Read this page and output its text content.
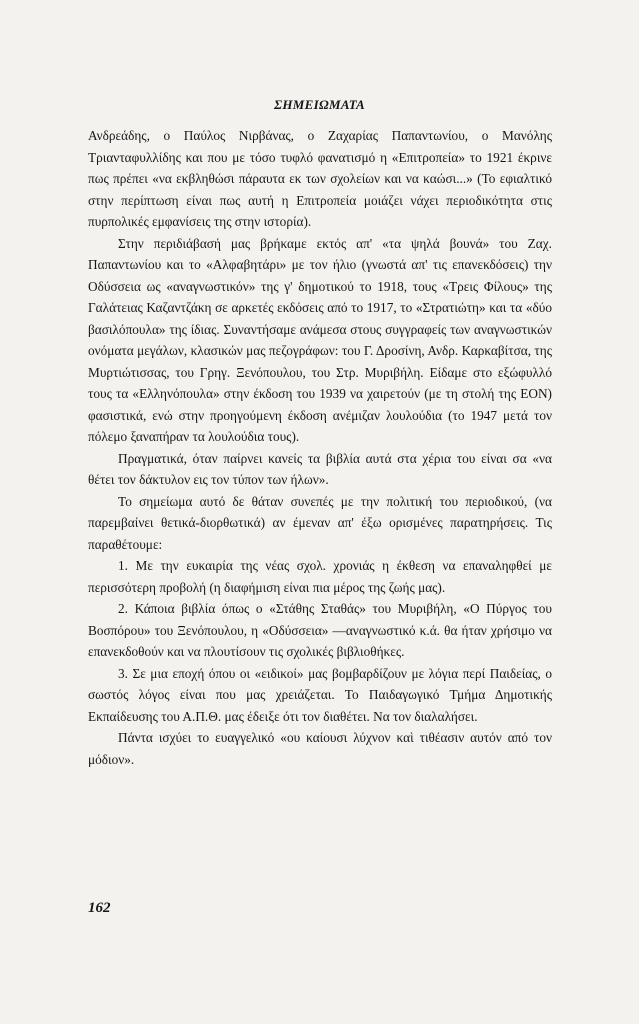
ΣΗΜΕΙΩΜΑΤΑ

Ανδρεάδης, ο Παύλος Νιρβάνας, ο Ζαχαρίας Παπαντωνίου, ο Μανόλης Τριανταφυλλίδης και που με τόσο τυφλό φανατισμό η «Επιτροπεία» το 1921 έκρινε πως πρέπει «να εκβληθώσι πάραυτα εκ των σχολείων και να καώσι...» (Το εφιαλτικό στην περίπτωση είναι πως αυτή η Επιτροπεία μοιάζει νάχει περιοδικότητα στις πυρπολικές εμφανίσεις της στην ιστορία).

Στην περιδιάβασή μας βρήκαμε εκτός απ' «τα ψηλά βουνά» του Ζαχ. Παπαντωνίου και το «Αλφαβητάρι» με τον ήλιο (γνωστά απ' τις επανεκδόσεις) την Οδύσσεια ως «αναγνωστικόν» της γ' δημοτικού το 1918, τους «Τρεις Φίλους» της Γαλάτειας Καζαντζάκη σε αρκετές εκδόσεις από το 1917, το «Στρατιώτη» και τα «δύο βασιλόπουλα» της ίδιας. Συναντήσαμε ανάμεσα στους συγγραφείς των αναγνωστικών ονόματα μεγάλων, κλασικών μας πεζογράφων: του Γ. Δροσίνη, Ανδρ. Καρκαβίτσα, της Μυρτιώτισσας, του Γρηγ. Ξενόπουλου, του Στρ. Μυριβήλη. Είδαμε στο εξώφυλλό τους τα «Ελληνόπουλα» στην έκδοση του 1939 να χαιρετούν (με τη στολή της ΕΟΝ) φασιστικά, ενώ στην προηγούμενη έκδοση ανέμιζαν λουλούδια (το 1947 μετά τον πόλεμο ξαναπήραν τα λουλούδια τους).

Πραγματικά, όταν παίρνει κανείς τα βιβλία αυτά στα χέρια του είναι σα «να θέτει τον δάκτυλον εις τον τύπον των ήλων».

Το σημείωμα αυτό δε θάταν συνεπές με την πολιτική του περιοδικού, (να παρεμβαίνει θετικά-διορθωτικά) αν έμεναν απ' έξω ορισμένες παρατηρήσεις. Τις παραθέτουμε:

1. Με την ευκαιρία της νέας σχολ. χρονιάς η έκθεση να επαναληφθεί με περισσότερη προβολή (η διαφήμιση είναι πια μέρος της ζωής μας).

2. Κάποια βιβλία όπως ο «Στάθης Σταθάς» του Μυριβήλη, «Ο Πύργος του Βοσπόρου» του Ξενόπουλου, η «Οδύσσεια» —αναγνωστικό κ.ά. θα ήταν χρήσιμο να επανεκδοθούν και να πλουτίσουν τις σχολικές βιβλιοθήκες.

3. Σε μια εποχή όπου οι «ειδικοί» μας βομβαρδίζουν με λόγια περί Παιδείας, ο σωστός λόγος είναι που μας χρειάζεται. Το Παιδαγωγικό Τμήμα Δημοτικής Εκπαίδευσης του Α.Π.Θ. μας έδειξε ότι τον διαθέτει. Να τον διαλαλήσει.

Πάντα ισχύει το ευαγγελικό «ου καίουσι λύχνον καὶ τιθέασιν αυτόν από τον μόδιον».

162
